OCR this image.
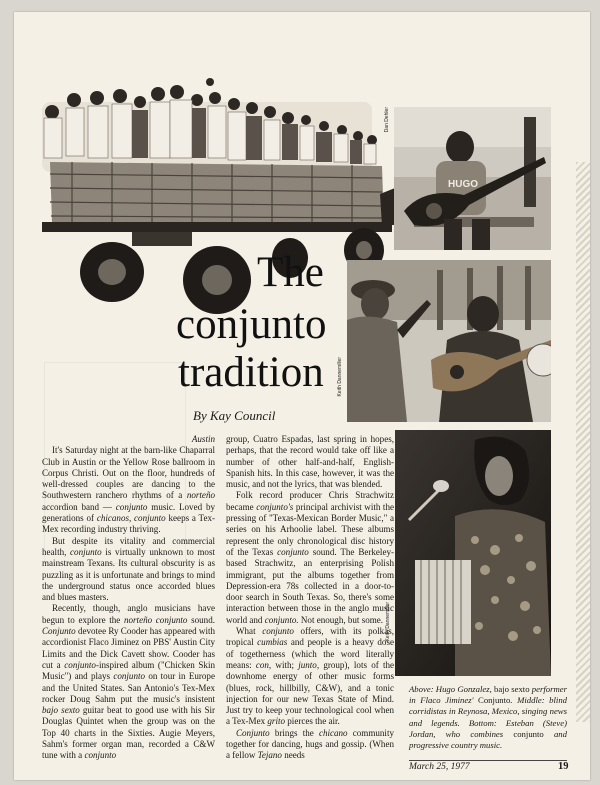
HUGO
Dan Dehler
Keith Dannemiller
Keith Dannemiller
The
conjunto
tradition
By Kay Council
Austin

It's Saturday night at the barn-like Chaparral Club in Austin or the Yellow Rose ballroom in Corpus Christi. Out on the floor, hundreds of well-dressed couples are dancing to the Southwestern ranchero rhythms of a norteño accordion band — conjunto music. Loved by generations of chicanos, conjunto keeps a Tex-Mex recording industry thriving.

But despite its vitality and commercial health, conjunto is virtually unknown to most mainstream Texans. Its cultural obscurity is as puzzling as it is unfortunate and brings to mind the underground status once accorded blues and blues masters.

Recently, though, anglo musicians have begun to explore the norteño conjunto sound. Conjunto devotee Ry Cooder has appeared with accordionist Flaco Jiminez on PBS' Austin City Limits and the Dick Cavett show. Cooder has cut a conjunto-inspired album ("Chicken Skin Music") and plays conjunto on tour in Europe and the United States. San Antonio's Tex-Mex rocker Doug Sahm put the music's insistent bajo sexto guitar beat to good use with his Sir Douglas Quintet when the group was on the Top 40 charts in the Sixties. Augie Meyers, Sahm's former organ man, recorded a C&W tune with a conjunto

group, Cuatro Espadas, last spring in hopes, perhaps, that the record would take off like a number of other half-and-half, English-Spanish hits. In this case, however, it was the music, and not the lyrics, that was blended.

Folk record producer Chris Strachwitz became conjunto's principal archivist with the pressing of "Texas-Mexican Border Music," a series on his Arhoolie label. These albums represent the only chronological disc history of the Texas conjunto sound. The Berkeley-based Strachwitz, an enterprising Polish immigrant, put the albums together from Depression-era 78s collected in a door-to-door search in South Texas. So, there's some interaction between those in the anglo music world and conjunto. Not enough, but some.

What conjunto offers, with its polkas, tropical cumbias and people is a heavy dose of togetherness (which the word literally means: con, with; junto, group), lots of the downhome energy of other music forms (blues, rock, hillbilly, C&W), and a tonic injection for our new Texas State of Mind. Just try to keep your technological cool when a Tex-Mex grito pierces the air.

Conjunto brings the chicano community together for dancing, hugs and gossip. (When a fellow Tejano needs

Above: Hugo Gonzalez, bajo sexto performer in Flaco Jiminez' Conjunto. Middle: blind corridistas in Reynosa, Mexico, singing news and legends. Bottom: Esteban (Steve) Jordan, who combines conjunto and progressive country music.
March 25, 1977	19
